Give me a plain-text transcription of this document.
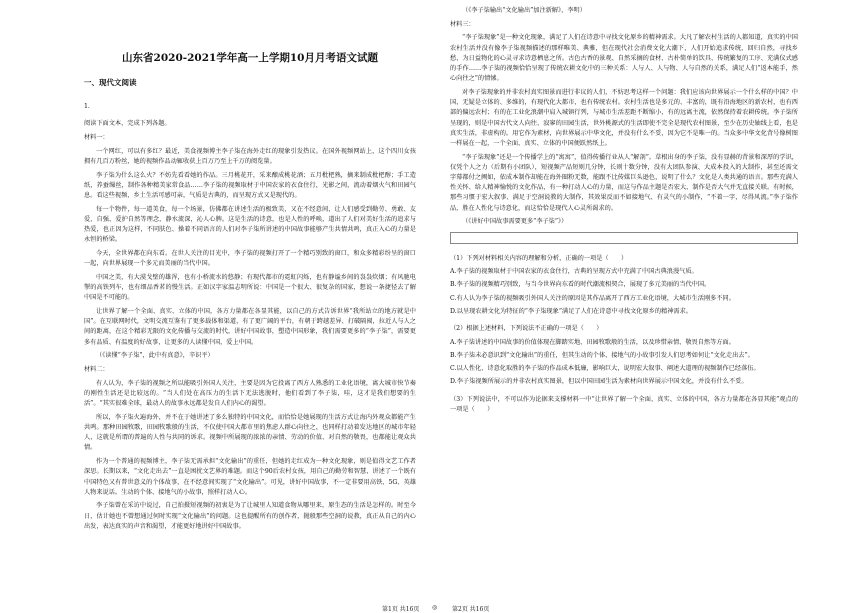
山东省2020-2021学年高一上学期10月月考语文试题
一、现代文阅读

1.

阅读下面文本，完成下列各题。

材料一：

一个网红，可以有多红？最近，美食视频博主李子柒在海外走红的现象引发热议。在国外视频网站上，这个四川女孩拥有几百万粉丝，她的视频作品动辄收获上百万乃至上千万的阅览量。

李子柒为什么这么火？不妨先看看她的作品。三月桃花开，采来酿成桃花酒；五月枇杷熟，摘来制成枇杷醇；手工造纸，养蚕缫丝，制作各种精美家常食品……李子柒的视频取材于中国农家的衣食住行，光影之间，流动着烟火气和田园气息。看这些视频，乡土生活可感可亲，气质是古典的，而呈现方式又是现代的。

每一个物件，每一道美食，每一个场景，仿佛都在讲述生活的极致美，又在不经意间，让人们感受到勤劳、勇敢、友爱、自强、爱护自然等理念，静水流深，沁人心脾。这是生活的诗意，也是人性的呼唤，道出了人们对美好生活的追求与热爱，也正因为这样，不同肤色、操着不同语言的人们对李子柒所讲述的中国故事能够产生共情共鸣，真正入心的力量是永恒的桥梁。

今天，全世界都在向东看。在世人关注的目光中，李子柒的视频打开了一个精巧别致的窗口，和众多精彩纷呈的窗口一起，向世界展现一个多元而美丽的当代中国。

中国之美，有大漠戈壁的雄浑，也有小桥流水的悠静；有现代都市的霓虹闪烁，也有静谧乡间的袅袅炊烟；有风驰电掣的高铁列车，也有细品香茗的慢生活。正如汉字家温志明所说：中国是一个很大、很复杂的国家，想说一条捷径去了解中国是不可能的。

让世界了解一个全面、真实、立体的中国，各方力量都在各显其能，以自己的方式告诉世界“我所站立的地方就是中国”。在互联网时代，文明交流互鉴有了更多载体和渠道，有了更广阔的平台，有朝于跨越差异、打破隔阂，拉近人与人之间的距离，在这个精彩无限的文化传播与交流的时代，讲好中国故事，塑造中国形象，我们需要更多的“李子柒”，需要更多有品质、有温度的好故事，让更多的人读懂中国，爱上中国。

（《读懂“李子柒”，此中有真意》，辛识平）

材料二：

有人认为，李子柒的视频之所以能吸引外国人关注，主要是因为它投离了西方人熟悉的工业化语境，离大城市快节奏的刚性生活还是比较远的。“当人们处在高压力的生活下无法逃脱时，他们看到了李子柒，哇，这才是我们想要的生活”。“其实很难全球，最动人的故事永远都是发自人们内心的渴望。

所以，李子柒火遍海外，并不在于她讲述了多么独特的中国文化，而恰恰是她展现的生活方式让海内外观众都能产生共鸣。那种田园牧歌，田园牧歌般的生活，不仅使中国大都市里的焦虑人群心向往之，也同样打动着发达地区的城市年轻人，这就是所谓的普遍的人性与共同的诉求。视频中所展现的浓浓的亲情、劳动的价值、对自然的敬畏，也都能让观众共情。

作为一个普通的视频博主，李子柒无需承担“文化输出”的重任，但她的走红成为一种文化现象，则是值得文艺工作者深思。长期以来，“文化走出去”一直是困扰文艺界的难题。而这个90后农村女孩，用自己的勤劳和智慧，讲述了一个既有中国特色又有普世意义的个体故事，在不经意间实现了“文化输出”。可见，讲好中国故事，不一定非要用高铁、5G、英雄人物来说话。生动的个体、接地气的小故事，照样打动人心。

李子柒曾在采访中说过，自己拍摄短视频的初衷是为了让城里人知道食物从哪里来，原生态的生活是怎样的。时至今日，估计她也不曾想通过何时实现“文化输出”的问题。这也提醒所有的创作者，抛般那些空洞的说教，真正从自己的内心出发，表达真实的声音和渴望，才能更好地讲好中国故事。

（《李子柒输出“文化输出”加注新解》，李明）

材料三：

“李子柒现象”是一种文化现象，满足了人们在诗意中寻找文化原乡的精神需求。大凡了解农村生活的人都知道，真实的中国农村生活并没有像李子柒视频描述的那样唯美、典雅，但在现代社会消费文化大潮下，人们开始追求传统，回归自然，寻找乡愁，为日益物化的心灵寻求诗意栖息之所。古色古香的景观、自然采摘的食材、古朴简单的饮具、传统繁复的工序、充满仪式感的手作……李子柒的视频恰恰呈现了传统农耕文化中的三种关系：人与人、人与物、人与自然的关系，满足人们“返本能手，然心向往之”的情愫。

对李子柒现象的并非农村真实图景而进行非议的人们，不妨思考这样一个问题：我们应该向世界展示一个什么样的中国？中国，无疑是立体的、多维的，有现代化大都市，也有传统农村。农村生活也是多元的、丰富的，既有沿海地区的新农村，也有西部的偏远农村；有的在工业化浪潮中肩入城镇行列，与城市生活差距不断缩小，有的远离主流，依然保持着农耕传统。李子柒所呈现的，则是中国古代文人向往、寂寥的田园生活，世外桃源式的生活即使不完全是现代农村图景，至少在历史轴线上看，也是真实生活，非虚构的。用它作为素材，向世界展示中华文化，并没有什么不妥，因为它不是唯一的。当众多中华文化背号像树图一样展在一起，一个全面、真实、立体的中国便跃然纸上。

“李子柒现象”还是一个传播学上的“寓寓”，值得传播行业从人“解剖”。草根出身的李子柒，没有显赫的背景和深厚的学识，仅凭个人之力（后期有小团队），短视频产品短则几分钟，长则十数分钟，没有大团队参演、大成本投入的大制作，甚至还需文字幕都付之阙如，依成本制作却能在海外圈粉无数，能跟不比传媒巨头逊色，说明了什么？文化是人类共通的语言。那些充满人性关怀、给人精神愉悦的文化作品，有一种打动人心的力量，而这与作品主题是否宏大、制作是否大气并无直接关联。有时候，那些习惯于宏大叙事、满足于空洞说教的大制作，其效果反而不如接地气、有灵气的小制作，“不着一字，尽得风流。”李子柒作品，胜在人性化与诗意化，而这恰恰是现代人心灵所渴求的。

（《讲好中国故事需要更多“李子柒”》）

（1）下列对材料相关内容的理解和分析，正确的一项是（　　）

A.李子柒的视频取材于中国农家的衣食住行，古典的呈现方式中充满了中国古典浪漫气质。

B.李子柒的视频精巧别致，与当今世界向东看的时代潮流相契合，展现了多元美丽的当代中国。

C.有人认为李子柒的视频吸引外国人关注的原因是其作品离开了西方工业化语境，大城市生活刚多不同。

D.以呈现农耕文化为特征的“李子柒现象”满足了人们在诗意中寻找文化原乡的精神需求。

（2）根据上述材料，下列说法不正确的一项是（　　）

A.李子柒讲述的中国故事的价值体现在脚踏实地、田园牧歌般的生活，以及珍惜亲情、敬畏自然等方面。

B.李子柒未必意识到“文化输出”的重任，但其生动的个体、接地气的小故事引发人们思考如何让“文化走出去”。

C.以人性化、诗意化取胜的李子柒的作品成本低廉，影响巨大，说明宏大叙事、阐述大道理的视频制作已经落伍。

D.李子柒视频所展示的并非农村真实图景，但以中国田园生活为素材向世界展示中国文化，并没有什么不妥。

（3）下列说法中，不可以作为论据来支撑材料一中“让世界了解一个全面、真实、立体的中国，各方力量都在各显其能”观点的一项是（　　）

第1页 共16页 ◎ 第2页 共16页
